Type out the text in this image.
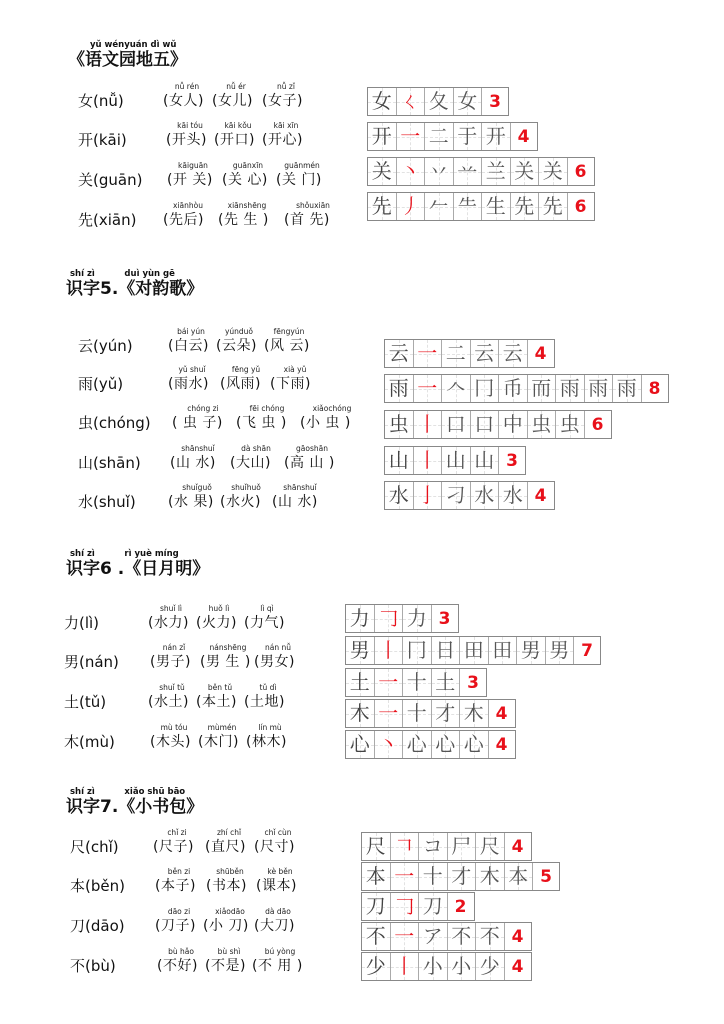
yǔ wényuán dì wǔ
《语文园地五》
女(nǚ)
nǚ rén
(女人)
nǚ ér
(女儿)
nǚ zǐ
(女子)
开(kāi)
kāi tóu
(开头)
kāi kǒu
(开口)
kāi xīn
(开心)
关(guān)
kāiguān
(开 关)
guānxīn
(关 心)
guānmén
(关 门)
先(xiān)
xiānhòu
(先后)
xiānshēng
(先 生 )
shǒuxiān
(首 先)
女 ㄑ 夂 女 3
开 一 二 于 开 4
关 丶 丷 䒑 兰 关 关 6
先 丿 𠂉 ⺧ 生 先 先 6
shí zì          duì yùn gē
识字5.《对韵歌》
云(yún)
bái yún
(白云)
yúnduǒ
(云朵)
fēngyún
(风 云)
雨(yǔ)
yǔ shuǐ
(雨水)
fēng yǔ
(风雨)
xià yǔ
(下雨)
虫(chóng)
chóng zi
( 虫 子)
fēi chóng
(飞 虫 )
xiǎochóng
(小 虫 )
山(shān)
shānshuǐ
(山 水)
dà shān
(大山)
gāoshān
(高 山 )
水(shuǐ)
shuǐguǒ
(水 果)
shuǐhuǒ
(水火)
shānshuǐ
(山 水)
云 一 二 云 云 4
雨 一 𠆢 冂 币 而 雨 雨 雨 8
虫 丨 口 口 中 虫 虫 6
山 丨 山 山 3
水 亅 刁 水 水 4
shí zì          rì yuè míng
识字6 .《日月明》
力(lì)
shuǐ lì
(水力)
huǒ lì
(火力)
lì qì
(力气)
男(nán)
nán zǐ
(男子)
nánshēng
(男 生 )
nán nǚ
(男女)
土(tǔ)
shuǐ tǔ
(水土)
běn tǔ
(本土)
tǔ dì
(土地)
木(mù)
mù tóu
(木头)
mùmén
(木门)
lín mù
(林木)
力 𠃌 力 3
男 丨 冂 日 田 田 男 男 7
土 一 十 土 3
木 一 十 才 木 4
心 丶 心 心 心 4
shí zì          xiǎo shū bāo
识字7.《小书包》
尺(chǐ)
chǐ zi
(尺子)
zhí chǐ
(直尺)
chǐ cùn
(尺寸)
本(běn)
běn zi
(本子)
shūběn
(书本)
kè běn
(课本)
刀(dāo)
dāo zi
(刀子)
xiǎodāo
(小 刀)
dà dāo
(大刀)
不(bù)
bù hǎo
(不好)
bù shì
(不是)
bú yòng
(不 用 )
尺 𠃍 コ 尸 尺 4
本 一 十 才 木 本 5
刀 𠃌 刀 2
不 一 ア 不 不 4
少 丨 小 小 少 4
